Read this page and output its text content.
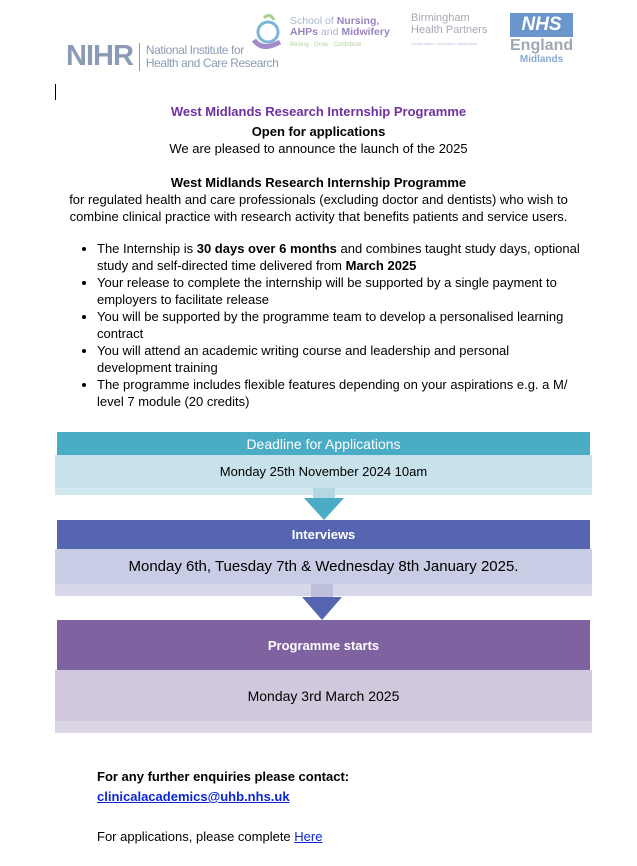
NIHR National Institute for
Health and Care Research
School of Nursing,
AHPs and Midwifery
Belong · Grow · Contribute
Birmingham
Health Partners
Collaboration. Innovation. Application.
NHS
England
Midlands
West Midlands Research Internship Programme
Open for applications
We are pleased to announce the launch of the 2025
West Midlands Research Internship Programme
for regulated health and care professionals (excluding doctor and dentists) who wish to
combine clinical practice with research activity that benefits patients and service users.
• The Internship is 30 days over 6 months and combines taught study days, optional study and self-directed time delivered from March 2025
• Your release to complete the internship will be supported by a single payment to employers to facilitate release
• You will be supported by the programme team to develop a personalised learning contract
• You will attend an academic writing course and leadership and personal development training
• The programme includes flexible features depending on your aspirations e.g. a M/ level 7 module (20 credits)
Monday 25th November 2024 10am
Deadline for Applications
Monday 6th, Tuesday 7th & Wednesday 8th January 2025.
Interviews
Monday 3rd March 2025
Programme starts
For any further enquiries please contact:
clinicalacademics@uhb.nhs.uk
For applications, please complete Here
